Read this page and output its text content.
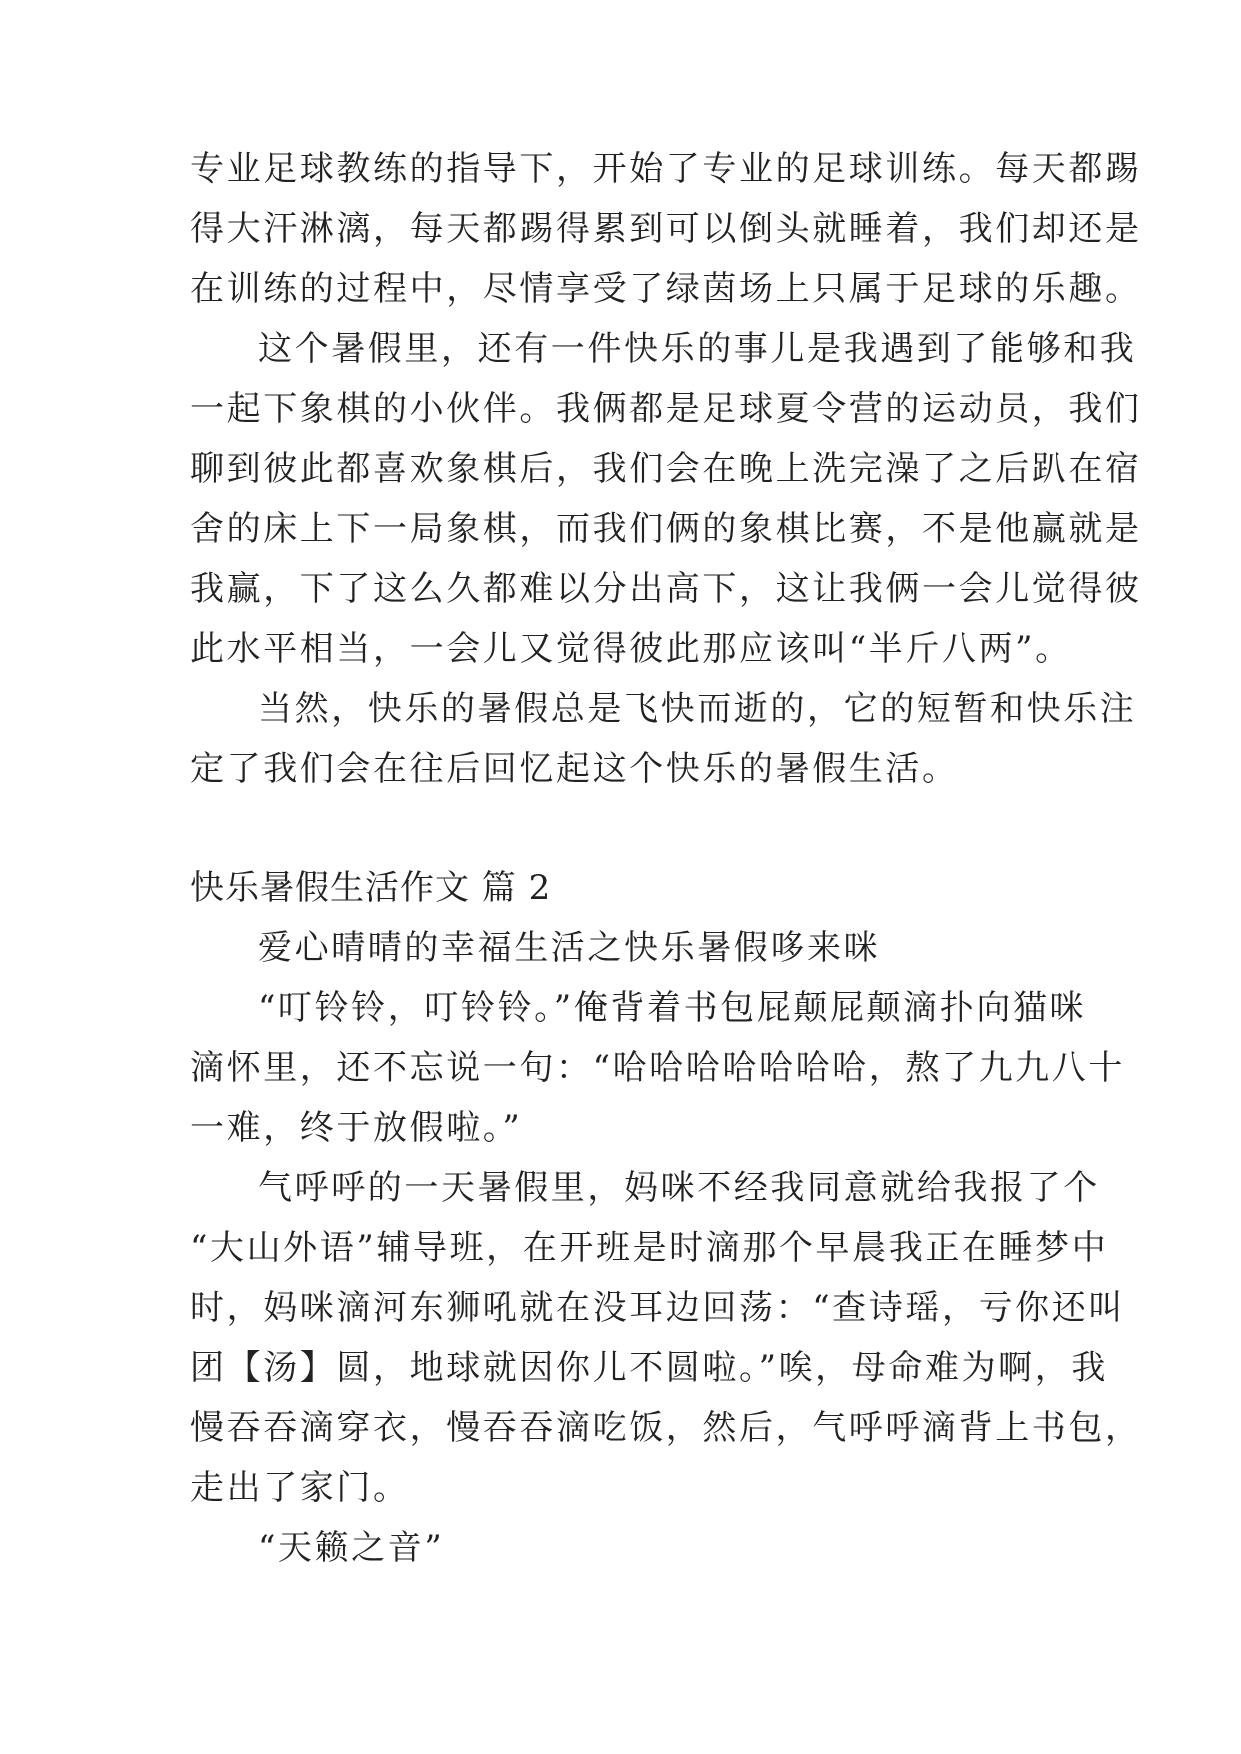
专业足球教练的指导下，开始了专业的足球训练。每天都踢
得大汗淋漓，每天都踢得累到可以倒头就睡着，我们却还是
在训练的过程中，尽情享受了绿茵场上只属于足球的乐趣。
这个暑假里，还有一件快乐的事儿是我遇到了能够和我
一起下象棋的小伙伴。我俩都是足球夏令营的运动员，我们
聊到彼此都喜欢象棋后，我们会在晚上洗完澡了之后趴在宿
舍的床上下一局象棋，而我们俩的象棋比赛，不是他赢就是
我赢，下了这么久都难以分出高下，这让我俩一会儿觉得彼
此水平相当，一会儿又觉得彼此那应该叫“半斤八两”。
当然，快乐的暑假总是飞快而逝的，它的短暂和快乐注
定了我们会在往后回忆起这个快乐的暑假生活。
快乐暑假生活作文 篇 2
爱心晴晴的幸福生活之快乐暑假哆来咪
“叮铃铃，叮铃铃。”俺背着书包屁颠屁颠滴扑向猫咪
滴怀里，还不忘说一句：“哈哈哈哈哈哈哈，熬了九九八十
一难，终于放假啦。”
气呼呼的一天暑假里，妈咪不经我同意就给我报了个
“大山外语”辅导班，在开班是时滴那个早晨我正在睡梦中
时，妈咪滴河东狮吼就在没耳边回荡：“查诗瑶，亏你还叫
团【汤】圆，地球就因你儿不圆啦。”唉，母命难为啊，我
慢吞吞滴穿衣，慢吞吞滴吃饭，然后，气呼呼滴背上书包，
走出了家门。
“天籁之音”
